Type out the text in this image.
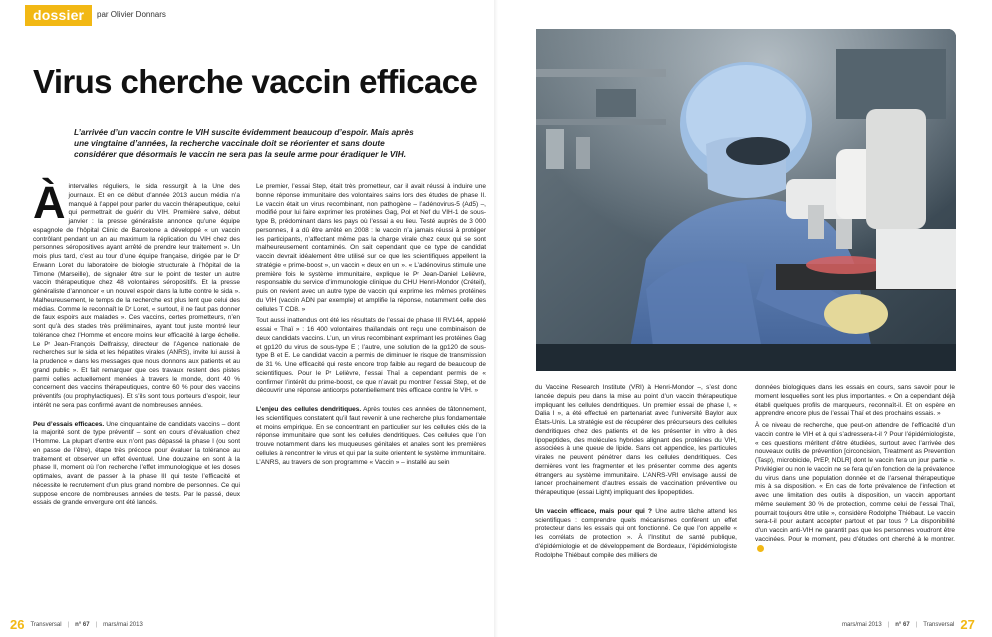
dossier	par Olivier Donnars
Virus cherche vaccin efficace
L’arrivée d’un vaccin contre le VIH suscite évidemment beaucoup d’espoir. Mais après une vingtaine d’années, la recherche vaccinale doit se réorienter et sans doute considérer que désormais le vaccin ne sera pas la seule arme pour éradiquer le VIH.

Àintervalles réguliers, le sida ressurgit à la Une des journaux. Et en ce début d’année 2013 aucun média n’a manqué à l’appel pour parler du vaccin thérapeutique, celui qui permettrait de guérir du VIH. Première salve, début janvier : la presse généraliste annonce qu’une équipe espagnole de l’hôpital Clinic de Barcelone a développé « un vaccin contrôlant pendant un an au maximum la réplication du VIH chez des personnes séropositives ayant arrêté de prendre leur traitement ». Un mois plus tard, c’est au tour d’une équipe française, dirigée par le Dʳ Erwann Loret du laboratoire de biologie structurale à l’hôpital de la Timone (Marseille), de signaler être sur le point de tester un autre vaccin thérapeutique chez 48 volontaires séropositifs. Et la presse généraliste d’annoncer « un nouvel espoir dans la lutte contre le sida ». Malheureusement, le temps de la recherche est plus lent que celui des médias. Comme le reconnaît le Dʳ Loret, « surtout, il ne faut pas donner de faux espoirs aux malades ». Ces vaccins, certes prometteurs, n’en sont qu’à des stades très préliminaires, ayant tout juste montré leur tolérance chez l’Homme et encore moins leur efficacité à large échelle. Le Pʳ Jean-François Delfraissy, directeur de l’Agence nationale de recherches sur le sida et les hépatites virales (ANRS), invite lui aussi à la prudence « dans les messages que nous donnons aux patients et au grand public ». Et fait remarquer que ces travaux restent des pistes parmi celles actuellement menées à travers le monde, dont 40 % concernent des vaccins thérapeutiques, contre 60 % pour des vaccins préventifs (ou prophylactiques). Et s’ils sont tous porteurs d’espoir, leur intérêt ne sera pas confirmé avant de nombreuses années.

Peu d’essais efficaces. Une cinquantaine de candidats vaccins – dont la majorité sont de type préventif – sont en cours d’évaluation chez l’Homme. La plupart d’entre eux n’ont pas dépassé la phase I (ou sont en passe de l’être), étape très précoce pour évaluer la tolérance au traitement et observer un effet éventuel. Une douzaine en sont à la phase II, moment où l’on recherche l’effet immunologique et les doses optimales, avant de passer à la phase III qui teste l’efficacité et nécessite le recrutement d’un plus grand nombre de personnes. Ce qui suppose encore de nombreuses années de tests. Par le passé, deux essais de grande envergure ont été lancés.

Le premier, l’essai Step, était très prometteur, car il avait réussi à induire une bonne réponse immunitaire des volontaires sains lors des études de phase II. Le vaccin était un virus recombinant, non pathogène – l’adénovirus-5 (Ad5) –, modifié pour lui faire exprimer les protéines Gag, Pol et Nef du VIH-1 de sous-type B, prédominant dans les pays où l’essai a eu lieu. Testé auprès de 3 000 personnes, il a dû être arrêté en 2008 : le vaccin n’a jamais réussi à protéger les participants, n’affectant même pas la charge virale chez ceux qui se sont malheureusement contaminés. On sait cependant que ce type de candidat vaccin devrait idéalement être utilisé sur ce que les scientifiques appellent la stratégie « prime-boost », un vaccin « deux en un ». « L’adénovirus stimule une première fois le système immunitaire, explique le Pʳ Jean-Daniel Lelièvre, responsable du service d’immunologie clinique du CHU Henri-Mondor (Créteil), puis on revient avec un autre type de vaccin qui exprime les mêmes protéines du VIH (vaccin ADN par exemple) et amplifie la réponse, notamment celle des cellules T CD8. »

Tout aussi inattendus ont été les résultats de l’essai de phase III RV144, appelé essai « Thaï » : 16 400 volontaires thaïlandais ont reçu une combinaison de deux candidats vaccins. L’un, un virus recombinant exprimant les protéines Gag et gp120 du virus de sous-type E ; l’autre, une solution de la gp120 de sous-type B et E. Le candidat vaccin a permis de diminuer le risque de transmission de 31 %. Une efficacité qui reste encore trop faible au regard de beaucoup de scientifiques. Pour le Pʳ Lelièvre, l’essai Thaï a cependant permis de « confirmer l’intérêt du prime-boost, ce que n’avait pu montrer l’essai Step, et de découvrir une réponse anticorps potentiellement très efficace contre le VIH. »

L’enjeu des cellules dendritiques. Après toutes ces années de tâtonnement, les scientifiques constatent qu’il faut revenir à une recherche plus fondamentale et moins empirique. En se concentrant en particulier sur les cellules clés de la réponse immunitaire que sont les cellules dendritiques. Ces cellules que l’on trouve notamment dans les muqueuses génitales et anales sont les premières cellules à rencontrer le virus et qui par la suite orientent le système immunitaire. L’ANRS, au travers de son programme « Vaccin » – installé au sein

26 Transversal | n° 67 | mars/mai 2013	mars/mai 2013 | n° 67 | Transversal 27

du Vaccine Research Institute (VRI) à Henri-Mondor –, s’est donc lancée depuis peu dans la mise au point d’un vaccin thérapeutique impliquant les cellules dendritiques. Un premier essai de phase I, « Dalia I », a été effectué en partenariat avec l’université Baylor aux États-Unis. La stratégie est de récupérer des précurseurs des cellules dendritiques chez des patients et de les présenter in vitro à des lipopeptides, des molécules hybrides alignant des protéines du VIH, associées à une queue de lipide. Sans cet appendice, les particules virales ne peuvent pénétrer dans les cellules dendritiques. Ces dernières vont les fragmenter et les présenter comme des agents étrangers au système immunitaire. L’ANRS-VRI envisage aussi de lancer prochainement d’autres essais de vaccination préventive ou thérapeutique (essai Light) impliquant des lipopeptides.

Un vaccin efficace, mais pour qui ? Une autre tâche attend les scientifiques : comprendre quels mécanismes confèrent un effet protecteur dans les essais qui ont fonctionné. Ce que l’on appelle « les corrélats de protection ». À l’Institut de santé publique, d’épidémiologie et de développement de Bordeaux, l’épidémiologiste Rodolphe Thiébaut compile des milliers de

données biologiques dans les essais en cours, sans savoir pour le moment lesquelles sont les plus importantes. « On a cependant déjà établi quelques profils de marqueurs, reconnaît-il. Et on espère en apprendre encore plus de l’essai Thaï et des prochains essais. »

À ce niveau de recherche, que peut-on attendre de l’efficacité d’un vaccin contre le VIH et à qui s’adressera-t-il ? Pour l’épidémiologiste, « ces questions méritent d’être étudiées, surtout avec l’arrivée des nouveaux outils de prévention [circoncision, Treatment as Prevention (Tasp), microbicide, PrEP, NDLR] dont le vaccin fera un jour partie ». Privilégier ou non le vaccin ne se fera qu’en fonction de la prévalence du virus dans une population donnée et de l’arsenal thérapeutique mis à sa disposition. « En cas de forte prévalence de l’infection et avec une limitation des outils à disposition, un vaccin apportant même seulement 30 % de protection, comme celui de l’essai Thaï, pourrait toujours être utile », considère Rodolphe Thiébaut. Le vaccin sera-t-il pour autant accepter partout et par tous ? La disponibilité d’un vaccin anti-VIH ne garantit pas que les personnes voudront être vaccinées. Pour le moment, peu d’études ont cherché à le montrer.
